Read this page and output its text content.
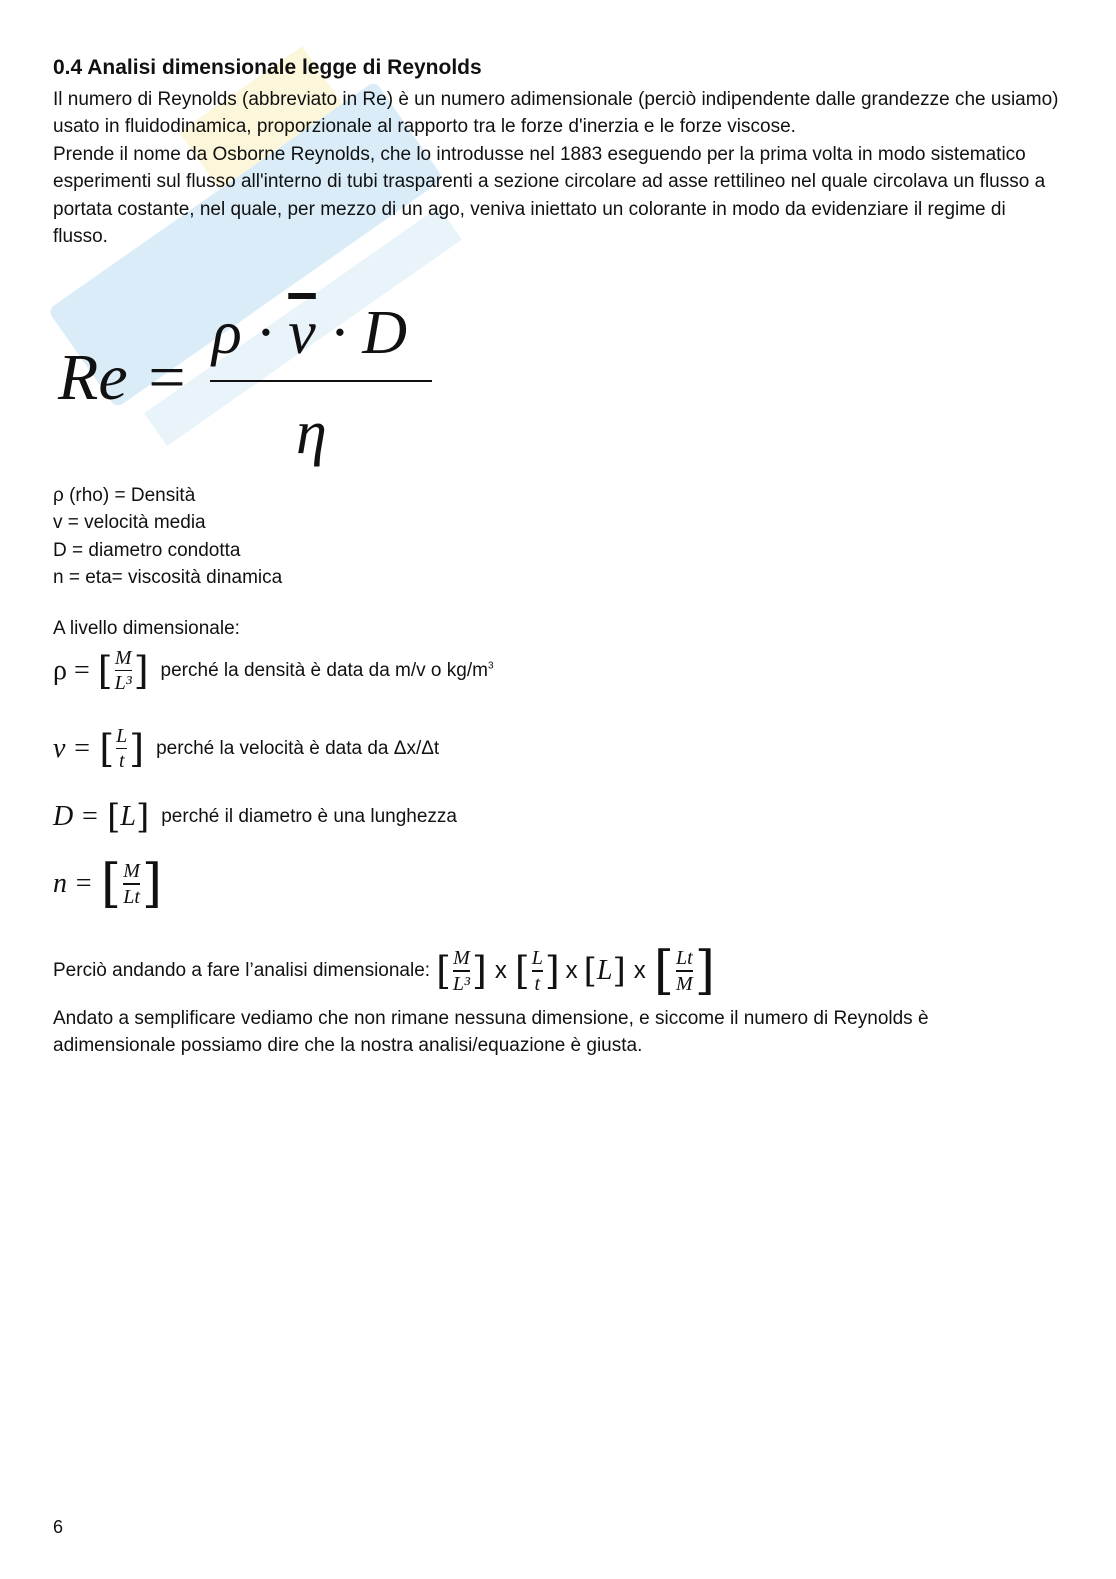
0.4 Analisi dimensionale legge di Reynolds

Il numero di Reynolds (abbreviato in Re) è un numero adimensionale (perciò indipendente dalle grandezze che usiamo) usato in fluidodinamica, proporzionale al rapporto tra le forze d'inerzia e le forze viscose.

Prende il nome da Osborne Reynolds, che lo introdusse nel 1883 eseguendo per la prima volta in modo sistematico esperimenti sul flusso all'interno di tubi trasparenti a sezione circolare ad asse rettilineo nel quale circolava un flusso a portata costante, nel quale, per mezzo di un ago, veniva iniettato un colorante in modo da evidenziare il regime di flusso.

Re =
$\rho \cdot \overline{v} \cdot D$
η
ρ (rho) = Densità
v = velocità media
D = diametro condotta
n = eta= viscosità dinamica
A livello dimensionale:
ρ = [ $\frac{M}{\text{L³}}$ ] perché la densità è data da m/v o $kg/m^3$
v = [ $\frac{L}{t}$ ] perché la velocità è data da Δx/Δt
D = [ L ] perché il diametro è una lunghezza
n = [ $\frac{M}{Lt}$ ]
Perciò andando a fare l’analisi dimensionale: [ $\frac{M}{\text{L³}}$ ] x [ $\frac{L}{t}$ ] x [ L ] x [ $\frac{Lt}{M}$ ]
Andato a semplificare vediamo che non rimane nessuna dimensione, e siccome il numero di Reynolds è adimensionale possiamo dire che la nostra analisi/equazione è giusta.
6
